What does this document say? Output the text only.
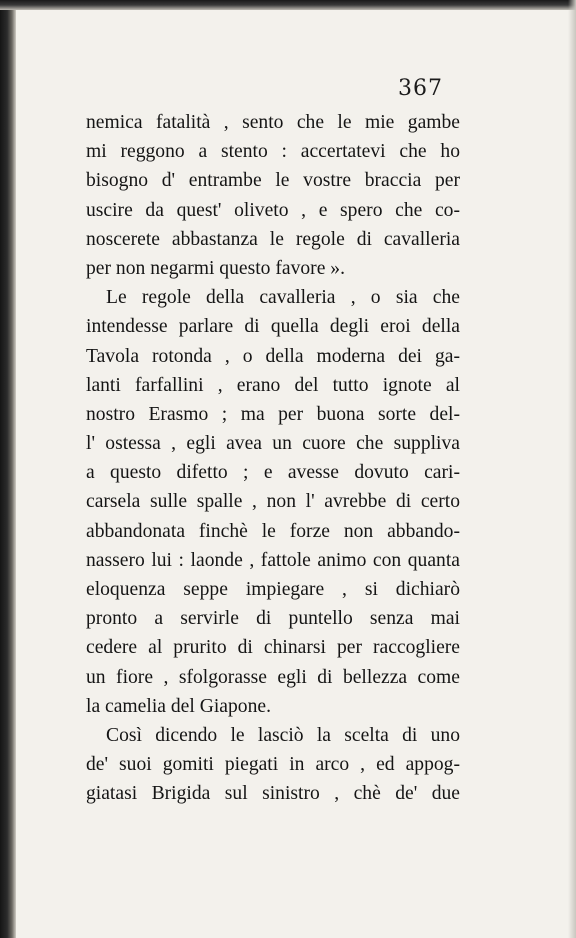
367
nemica fatalità , sento che le mie gambe
mi reggono a stento : accertatevi che ho
bisogno d' entrambe le vostre braccia per
uscire da quest' oliveto , e spero che co-
noscerete abbastanza le regole di cavalleria
per non negarmi questo favore ».
Le regole della cavalleria , o sia che
intendesse parlare di quella degli eroi della
Tavola rotonda , o della moderna dei ga-
lanti farfallini , erano del tutto ignote al
nostro Erasmo ; ma per buona sorte del-
l' ostessa , egli avea un cuore che suppliva
a questo difetto ; e avesse dovuto cari-
carsela sulle spalle , non l' avrebbe di certo
abbandonata finchè le forze non abbando-
nassero lui : laonde , fattole animo con quanta
eloquenza seppe impiegare , si dichiarò
pronto a servirle di puntello senza mai
cedere al prurito di chinarsi per raccogliere
un fiore , sfolgorasse egli di bellezza come
la camelia del Giapone.
Così dicendo le lasciò la scelta di uno
de' suoi gomiti piegati in arco , ed appog-
giatasi Brigida sul sinistro , chè de' due
